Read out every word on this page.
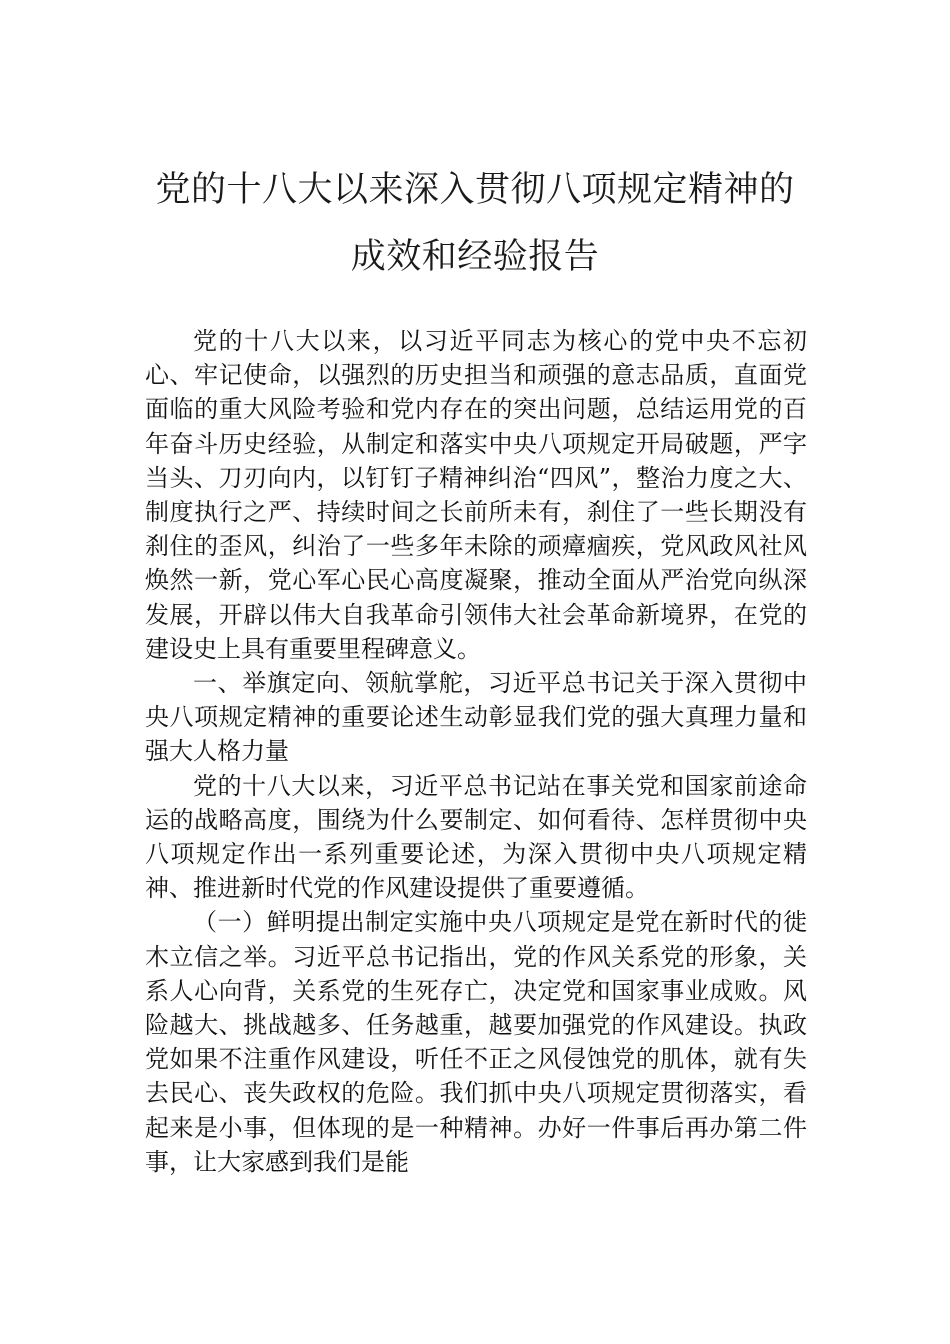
党的十八大以来深入贯彻八项规定精神的
成效和经验报告

党的十八大以来，以习近平同志为核心的党中央不忘初心、牢记使命，以强烈的历史担当和顽强的意志品质，直面党面临的重大风险考验和党内存在的突出问题，总结运用党的百年奋斗历史经验，从制定和落实中央八项规定开局破题，严字当头、刀刃向内，以钉钉子精神纠治“四风”，整治力度之大、制度执行之严、持续时间之长前所未有，刹住了一些长期没有刹住的歪风，纠治了一些多年未除的顽瘴痼疾，党风政风社风焕然一新，党心军心民心高度凝聚，推动全面从严治党向纵深发展，开辟以伟大自我革命引领伟大社会革命新境界，在党的建设史上具有重要里程碑意义。

一、举旗定向、领航掌舵，习近平总书记关于深入贯彻中央八项规定精神的重要论述生动彰显我们党的强大真理力量和强大人格力量

党的十八大以来，习近平总书记站在事关党和国家前途命运的战略高度，围绕为什么要制定、如何看待、怎样贯彻中央八项规定作出一系列重要论述，为深入贯彻中央八项规定精神、推进新时代党的作风建设提供了重要遵循。

（一）鲜明提出制定实施中央八项规定是党在新时代的徙木立信之举。习近平总书记指出，党的作风关系党的形象，关系人心向背，关系党的生死存亡，决定党和国家事业成败。风险越大、挑战越多、任务越重，越要加强党的作风建设。执政党如果不注重作风建设，听任不正之风侵蚀党的肌体，就有失去民心、丧失政权的危险。我们抓中央八项规定贯彻落实，看起来是小事，但体现的是一种精神。办好一件事后再办第二件事，让大家感到我们是能
